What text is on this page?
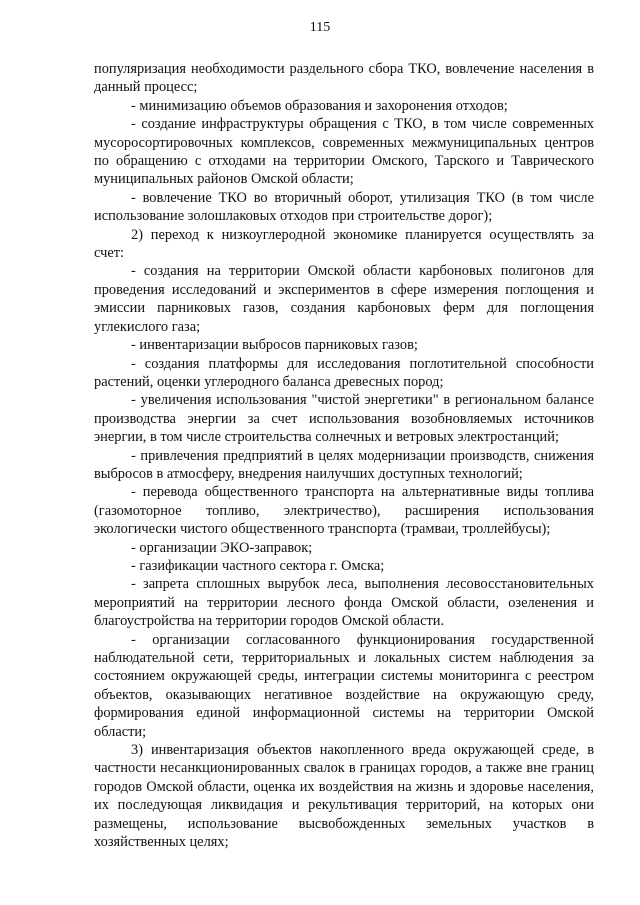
115

популяризация необходимости раздельного сбора ТКО, вовлечение населения в данный процесс;

- минимизацию объемов образования и захоронения отходов;

- создание инфраструктуры обращения с ТКО, в том числе современных мусоросортировочных комплексов, современных межмуниципальных центров по обращению с отходами на территории Омского, Тарского и Тавричеcкого муниципальных районов Омской области;

- вовлечение ТКО во вторичный оборот, утилизация ТКО (в том числе использование золошлаковых отходов при строительстве дорог);

2) переход к низкоуглеродной экономике планируется осуществлять за счет:

- создания на территории Омской области карбоновых полигонов для проведения исследований и экспериментов в сфере измерения поглощения и эмиссии парниковых газов, создания карбоновых ферм для поглощения углекислого газа;

- инвентаризации выбросов парниковых газов;

- создания платформы для исследования поглотительной способности растений, оценки углеродного баланса древесных пород;

- увеличения использования "чистой энергетики" в региональном балансе производства энергии за счет использования возобновляемых источников энергии, в том числе строительства солнечных и ветровых электростанций;

- привлечения предприятий в целях модернизации производств, снижения выбросов в атмосферу, внедрения наилучших доступных технологий;

- перевода общественного транспорта на альтернативные виды топлива (газомоторное топливо, электричество), расширения использования экологически чистого общественного транспорта (трамваи, троллейбусы);

- организации ЭКО-заправок;

- газификации частного сектора г. Омска;

- запрета сплошных вырубок леса, выполнения лесовосстановительных мероприятий на территории лесного фонда Омской области, озеленения и благоустройства на территории городов Омской области.

- организации согласованного функционирования государственной наблюдательной сети, территориальных и локальных систем наблюдения за состоянием окружающей среды, интеграции системы мониторинга с реестром объектов, оказывающих негативное воздействие на окружающую среду, формирования единой информационной системы на территории Омской области;

3) инвентаризация объектов накопленного вреда окружающей среде, в частности несанкционированных свалок в границах городов, а также вне границ городов Омской области, оценка их воздействия на жизнь и здоровье населения, их последующая ликвидация и рекультивация территорий, на которых они размещены, использование высвобожденных земельных участков в хозяйственных целях;
